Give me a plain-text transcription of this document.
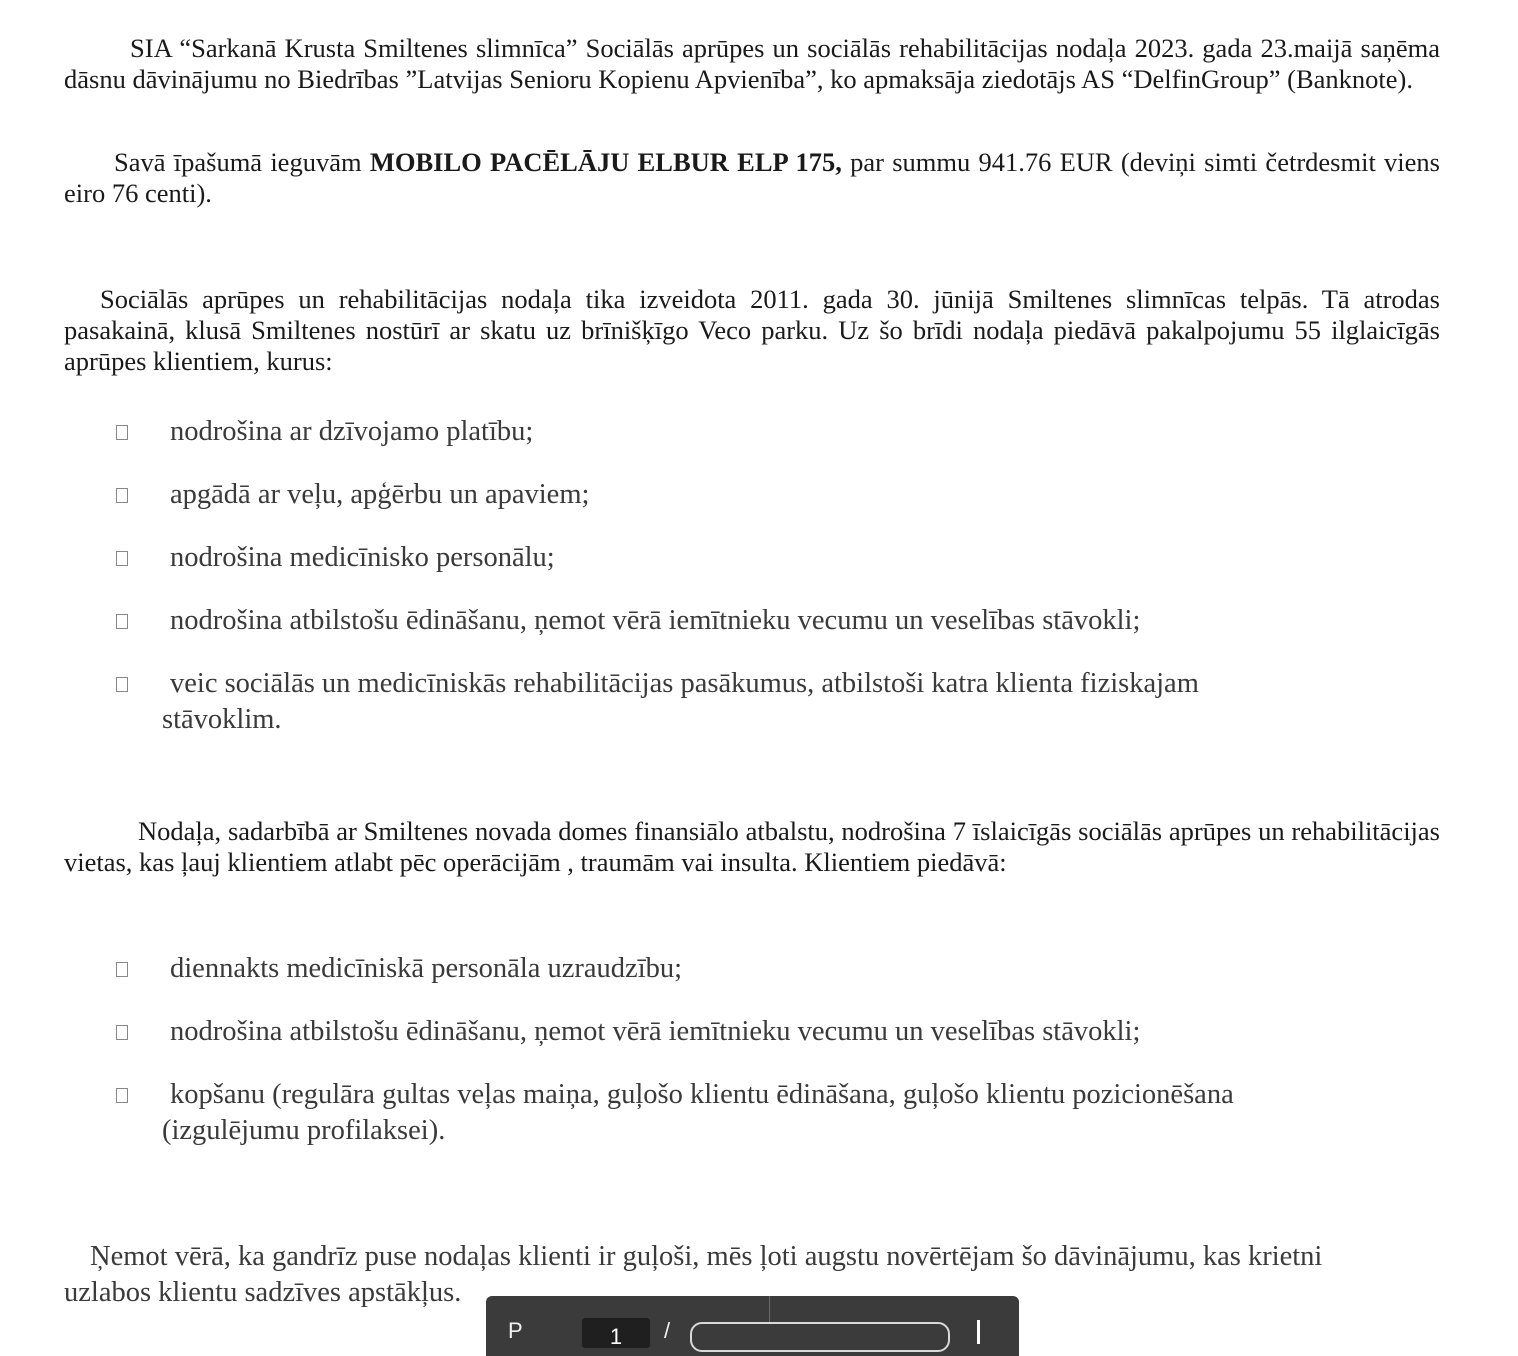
SIA “Sarkanā Krusta Smiltenes slimnīca” Sociālās aprūpes un sociālās rehabilitācijas nodaļa 2023. gada 23.maijā saņēma dāsnu dāvinājumu no Biedrības ”Latvijas Senioru Kopienu Apvienība”, ko apmaksāja ziedotājs AS “DelfinGroup” (Banknote).

Savā īpašumā ieguvām MOBILO PACĒLĀJU ELBUR ELP 175, par summu 941.76 EUR (deviņi simti četrdesmit viens eiro 76 centi).

Sociālās aprūpes un rehabilitācijas nodaļa tika izveidota 2011. gada 30. jūnijā Smiltenes slimnīcas telpās. Tā atrodas pasakainā, klusā Smiltenes nostūrī ar skatu uz brīnišķīgo Veco parku. Uz šo brīdi nodaļa piedāvā pakalpojumu 55 ilglaicīgās aprūpes klientiem, kurus:

nodrošina ar dzīvojamo platību;
apgādā ar veļu, apģērbu un apaviem;
nodrošina medicīnisko personālu;
nodrošina atbilstošu ēdināšanu, ņemot vērā iemītnieku vecumu un veselības stāvokli;
veic sociālās un medicīniskās rehabilitācijas pasākumus, atbilstoši katra klienta fiziskajam
stāvoklim.

Nodaļa, sadarbībā ar Smiltenes novada domes finansiālo atbalstu, nodrošina 7 īslaicīgās sociālās aprūpes un rehabilitācijas vietas, kas ļauj klientiem atlabt pēc operācijām , traumām vai insulta. Klientiem piedāvā:

diennakts medicīniskā personāla uzraudzību;
nodrošina atbilstošu ēdināšanu, ņemot vērā iemītnieku vecumu un veselības stāvokli;
kopšanu (regulāra gultas veļas maiņa, guļošo klientu ēdināšana, guļošo klientu pozicionēšana
(izgulējumu profilaksei).

Ņemot vērā, ka gandrīz puse nodaļas klienti ir guļoši, mēs ļoti augstu novērtējam šo dāvinājumu, kas krietni uzlabos klientu sadzīves apstākļus.

P	1	/
